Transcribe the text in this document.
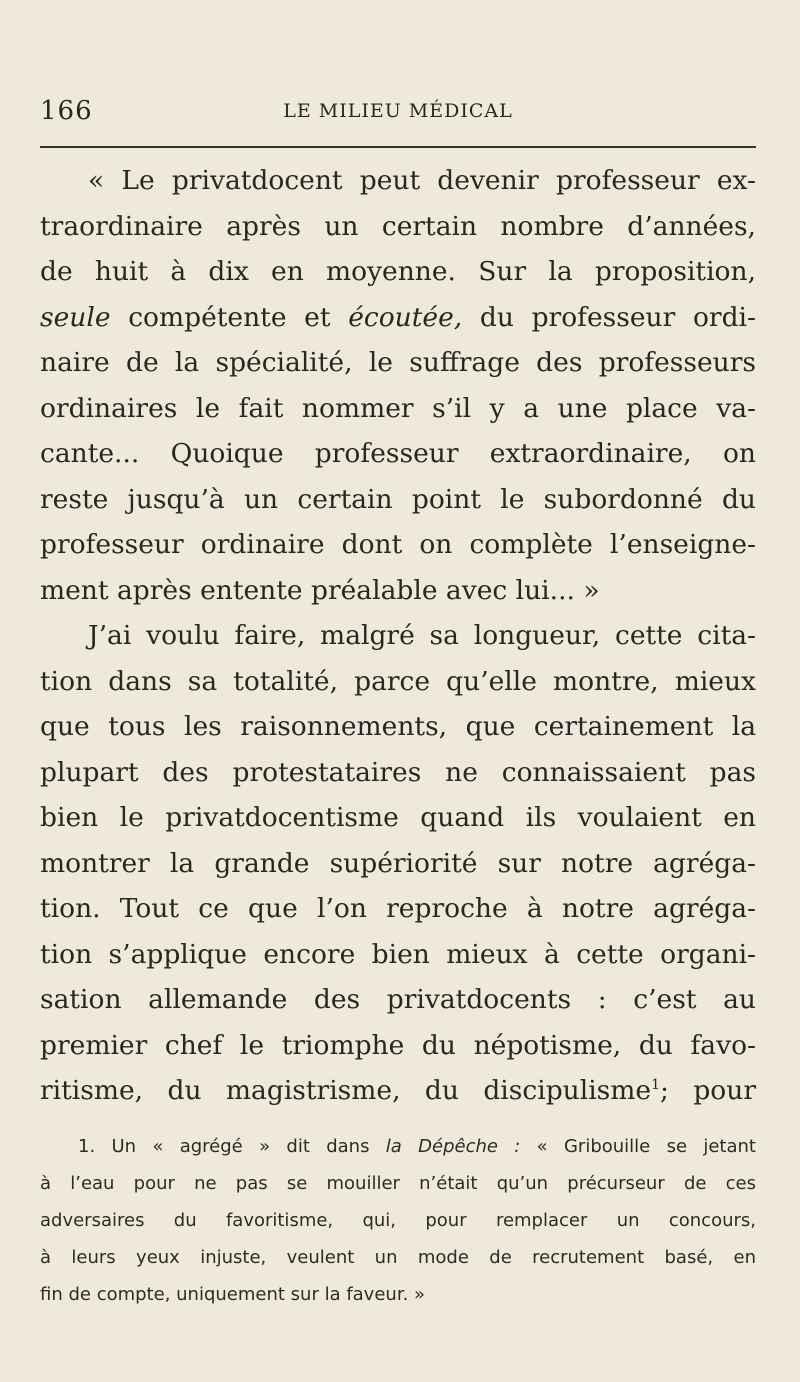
166	LE MILIEU MÉDICAL
« Le privatdocent peut devenir professeur ex-
traordinaire après un certain nombre d’années,
de huit à dix en moyenne. Sur la proposition,
seule compétente et écoutée, du professeur ordi-
naire de la spécialité, le suffrage des professeurs
ordinaires le fait nommer s’il y a une place va-
cante... Quoique professeur extraordinaire, on
reste jusqu’à un certain point le subordonné du
professeur ordinaire dont on complète l’enseigne-
ment après entente préalable avec lui... »
J’ai voulu faire, malgré sa longueur, cette cita-
tion dans sa totalité, parce qu’elle montre, mieux
que tous les raisonnements, que certainement la
plupart des protestataires ne connaissaient pas
bien le privatdocentisme quand ils voulaient en
montrer la grande supériorité sur notre agréga-
tion. Tout ce que l’on reproche à notre agréga-
tion s’applique encore bien mieux à cette organi-
sation allemande des privatdocents : c’est au
premier chef le triomphe du népotisme, du favo-
ritisme, du magistrisme, du discipulisme$^1$; pour
1. Un « agrégé » dit dans la Dépêche : « Gribouille se jetant
à l’eau pour ne pas se mouiller n’était qu’un précurseur de ces
adversaires du favoritisme, qui, pour remplacer un concours,
à leurs yeux injuste, veulent un mode de recrutement basé, en
fin de compte, uniquement sur la faveur. »
